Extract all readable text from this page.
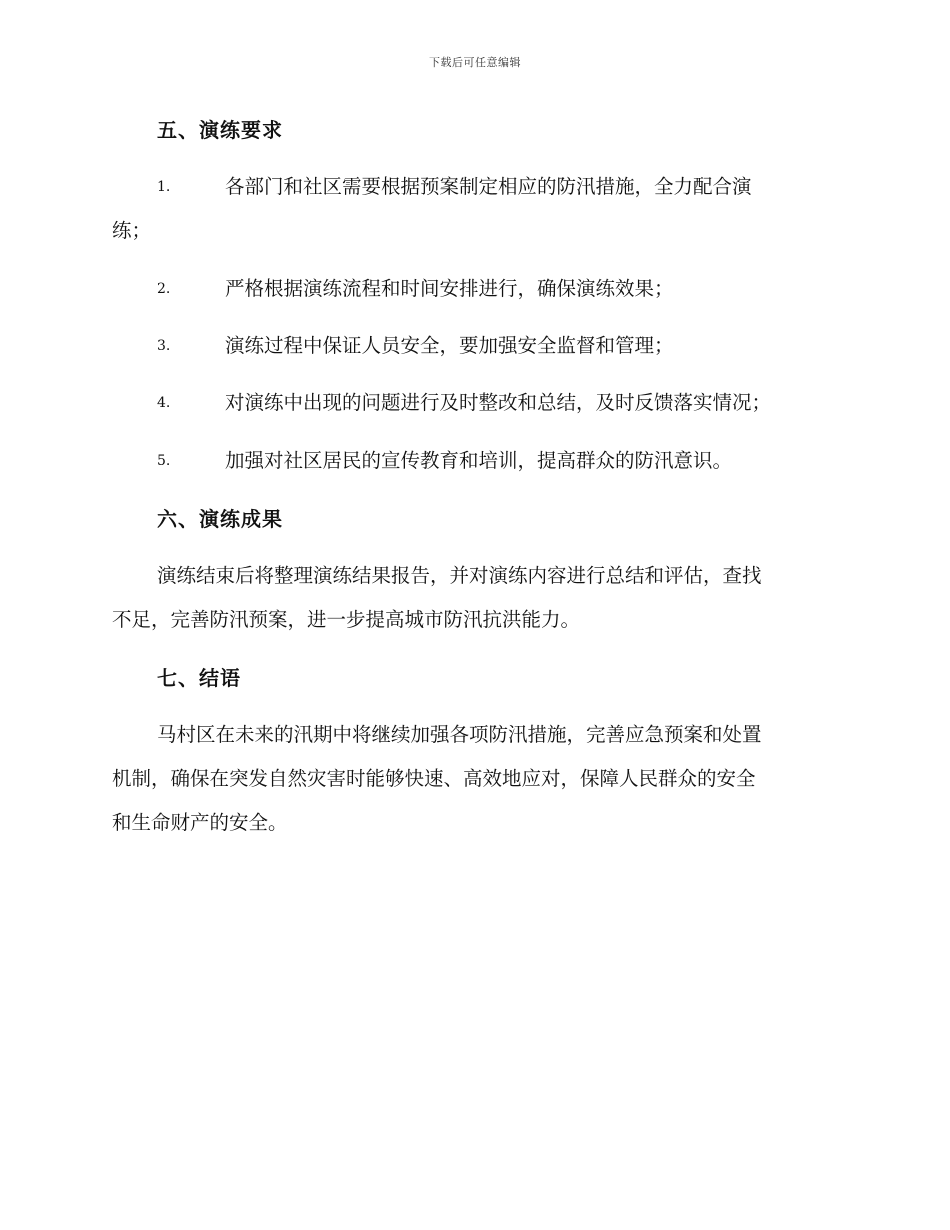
下载后可任意编辑
五、演练要求
1.	各部门和社区需要根据预案制定相应的防汛措施，全力配合演
练；
2.	严格根据演练流程和时间安排进行，确保演练效果；
3.	演练过程中保证人员安全，要加强安全监督和管理；
4.	对演练中出现的问题进行及时整改和总结，及时反馈落实情况；
5.	加强对社区居民的宣传教育和培训，提高群众的防汛意识。
六、演练成果
演练结束后将整理演练结果报告，并对演练内容进行总结和评估，查找
不足，完善防汛预案，进一步提高城市防汛抗洪能力。
七、结语
马村区在未来的汛期中将继续加强各项防汛措施，完善应急预案和处置
机制，确保在突发自然灾害时能够快速、高效地应对，保障人民群众的安全
和生命财产的安全。
